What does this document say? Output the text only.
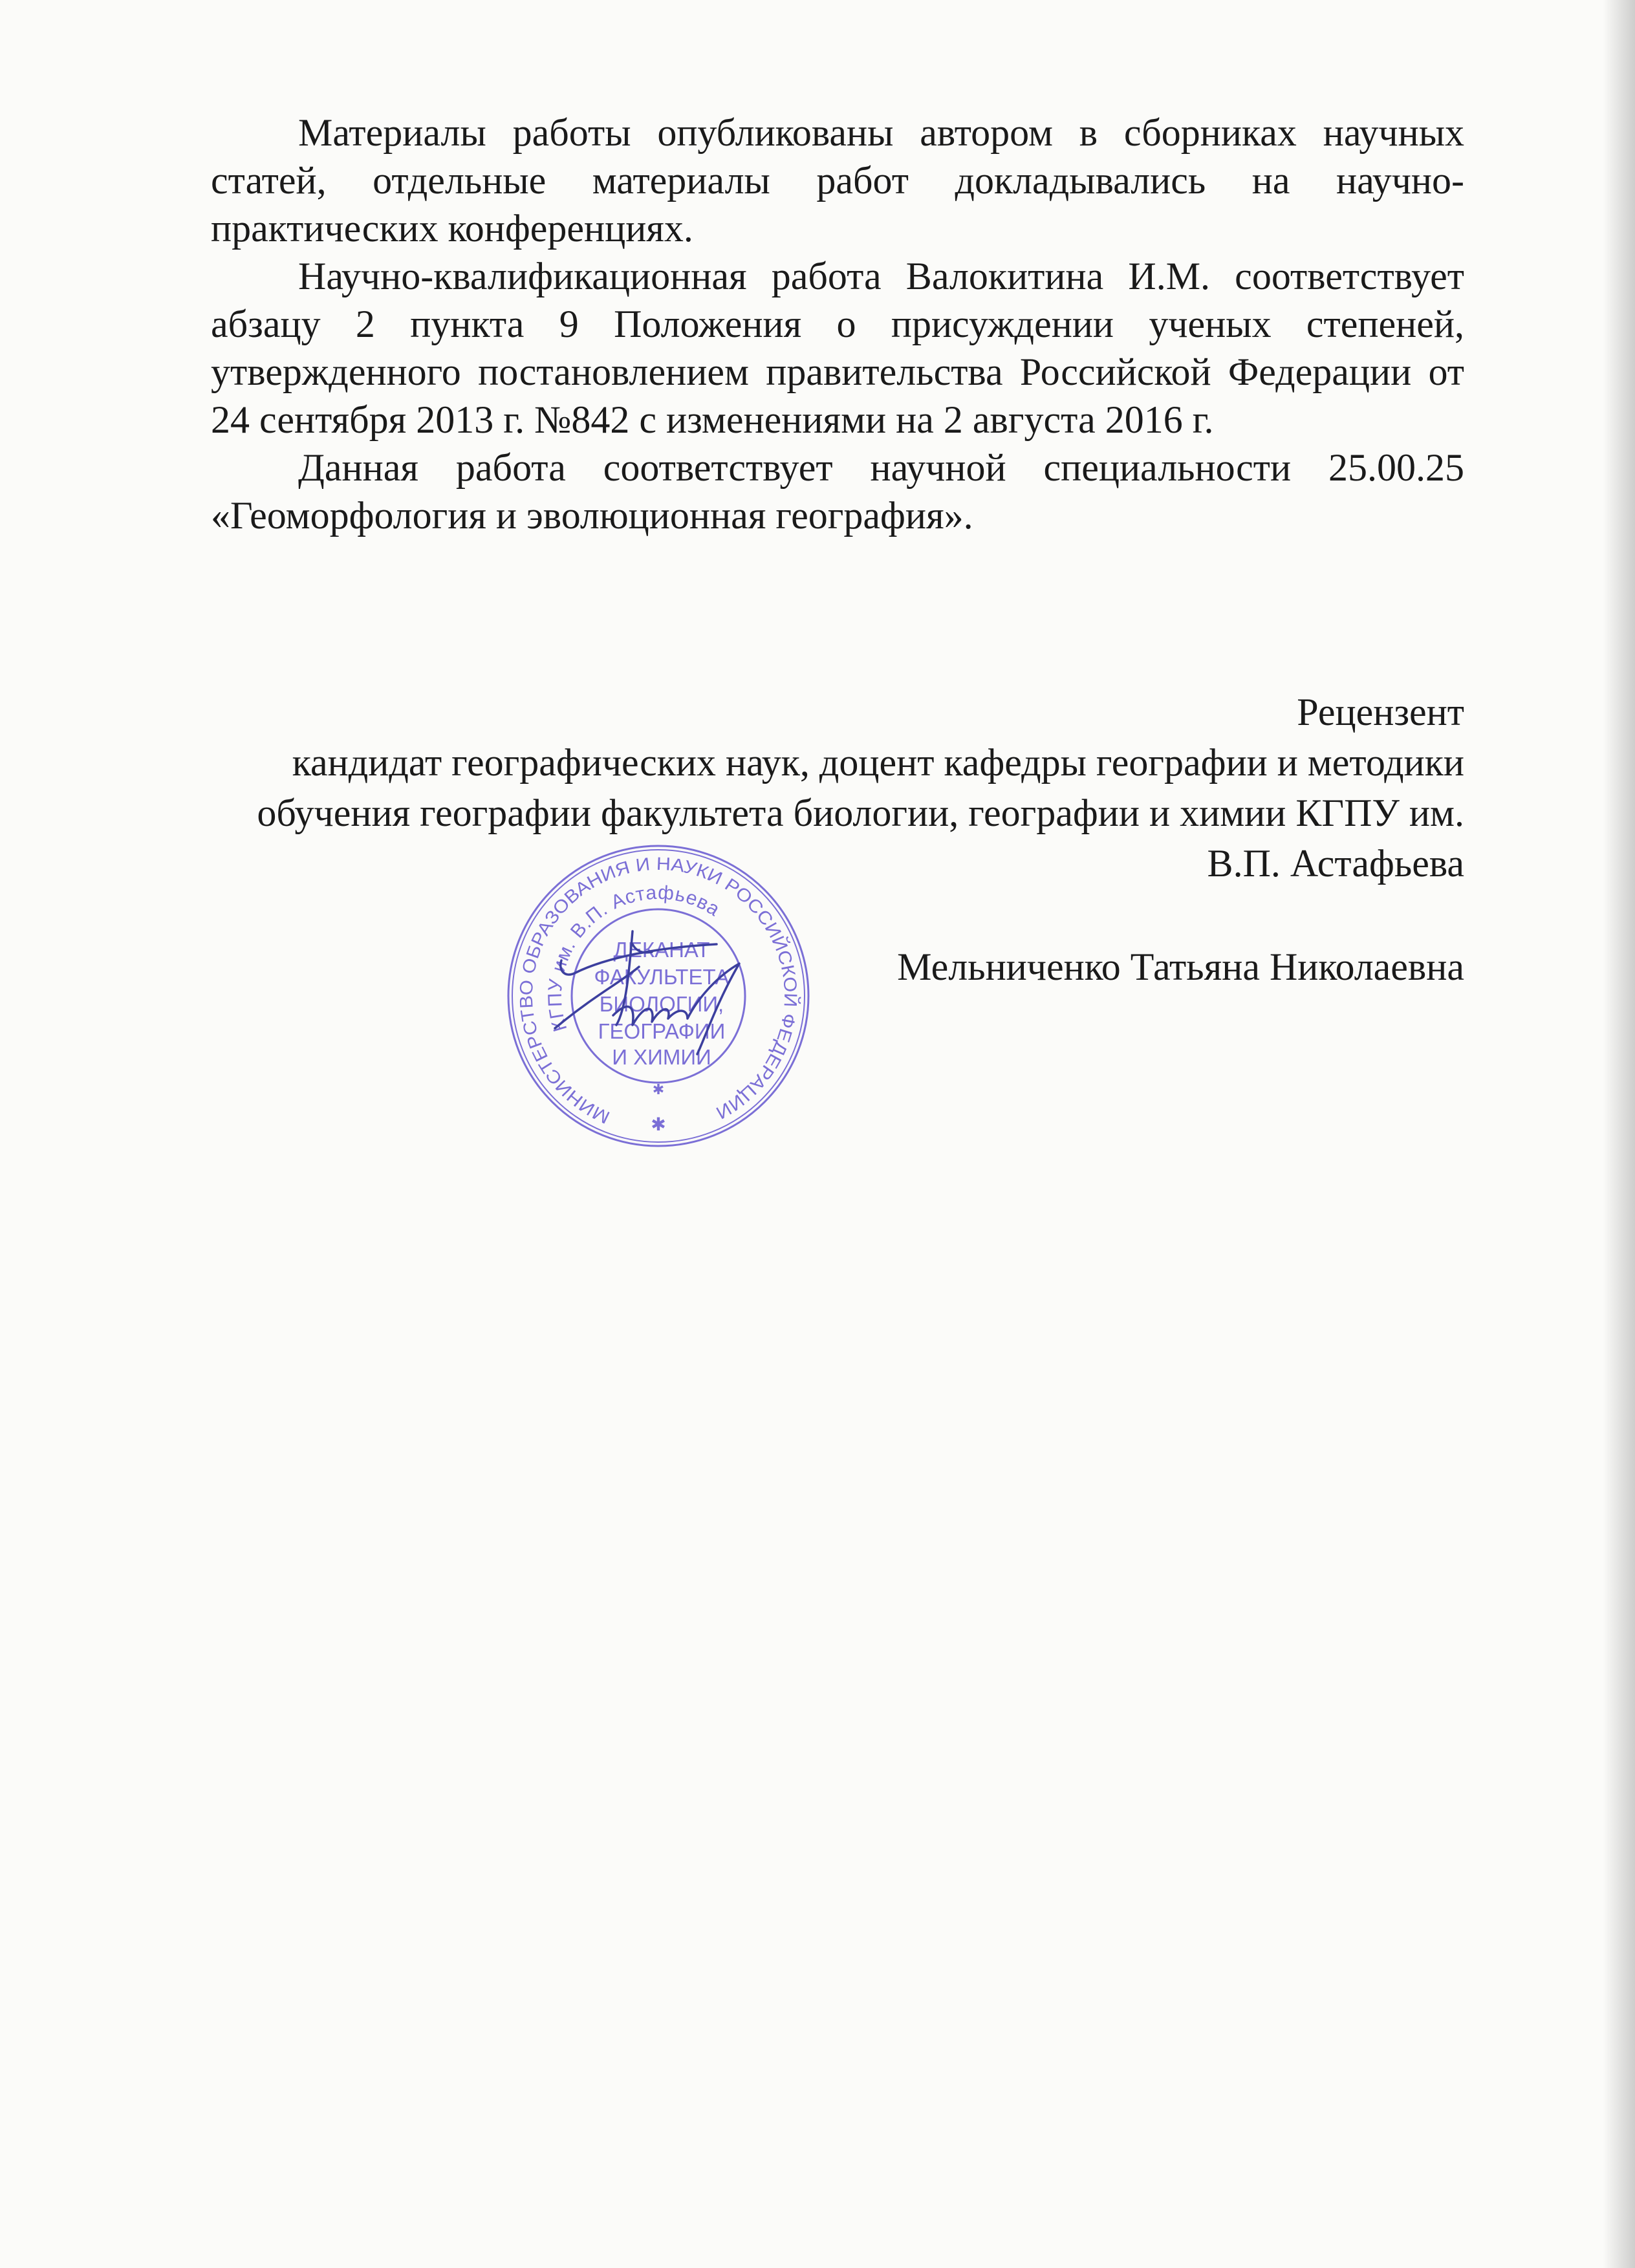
Материалы работы опубликованы автором в сборниках научных статей, отдельные материалы работ докладывались на научно-практических конференциях.

Научно-квалификационная работа Валокитина И.М. соответствует абзацу 2 пункта 9 Положения о присуждении ученых степеней, утвержденного постановлением правительства Российской Федерации от 24 сентября 2013 г. №842 с изменениями на 2 августа 2016 г.

Данная работа соответствует научной специальности 25.00.25 «Геоморфология и эволюционная география».

Рецензент
кандидат географических наук, доцент кафедры географии и методики
обучения географии факультета биологии, географии и химии КГПУ им.
В.П. Астафьева
Мельниченко Татьяна Николаевна
МИНИСТЕРСТВО ОБРАЗОВАНИЯ И НАУКИ РОССИЙСКОЙ ФЕДЕРАЦИИ
КГПУ им. В.П. Астафьева
✱
✱
ДЕКАНАТ
ФАКУЛЬТЕТА
БИОЛОГИИ,
ГЕОГРАФИИ
И ХИМИИ
